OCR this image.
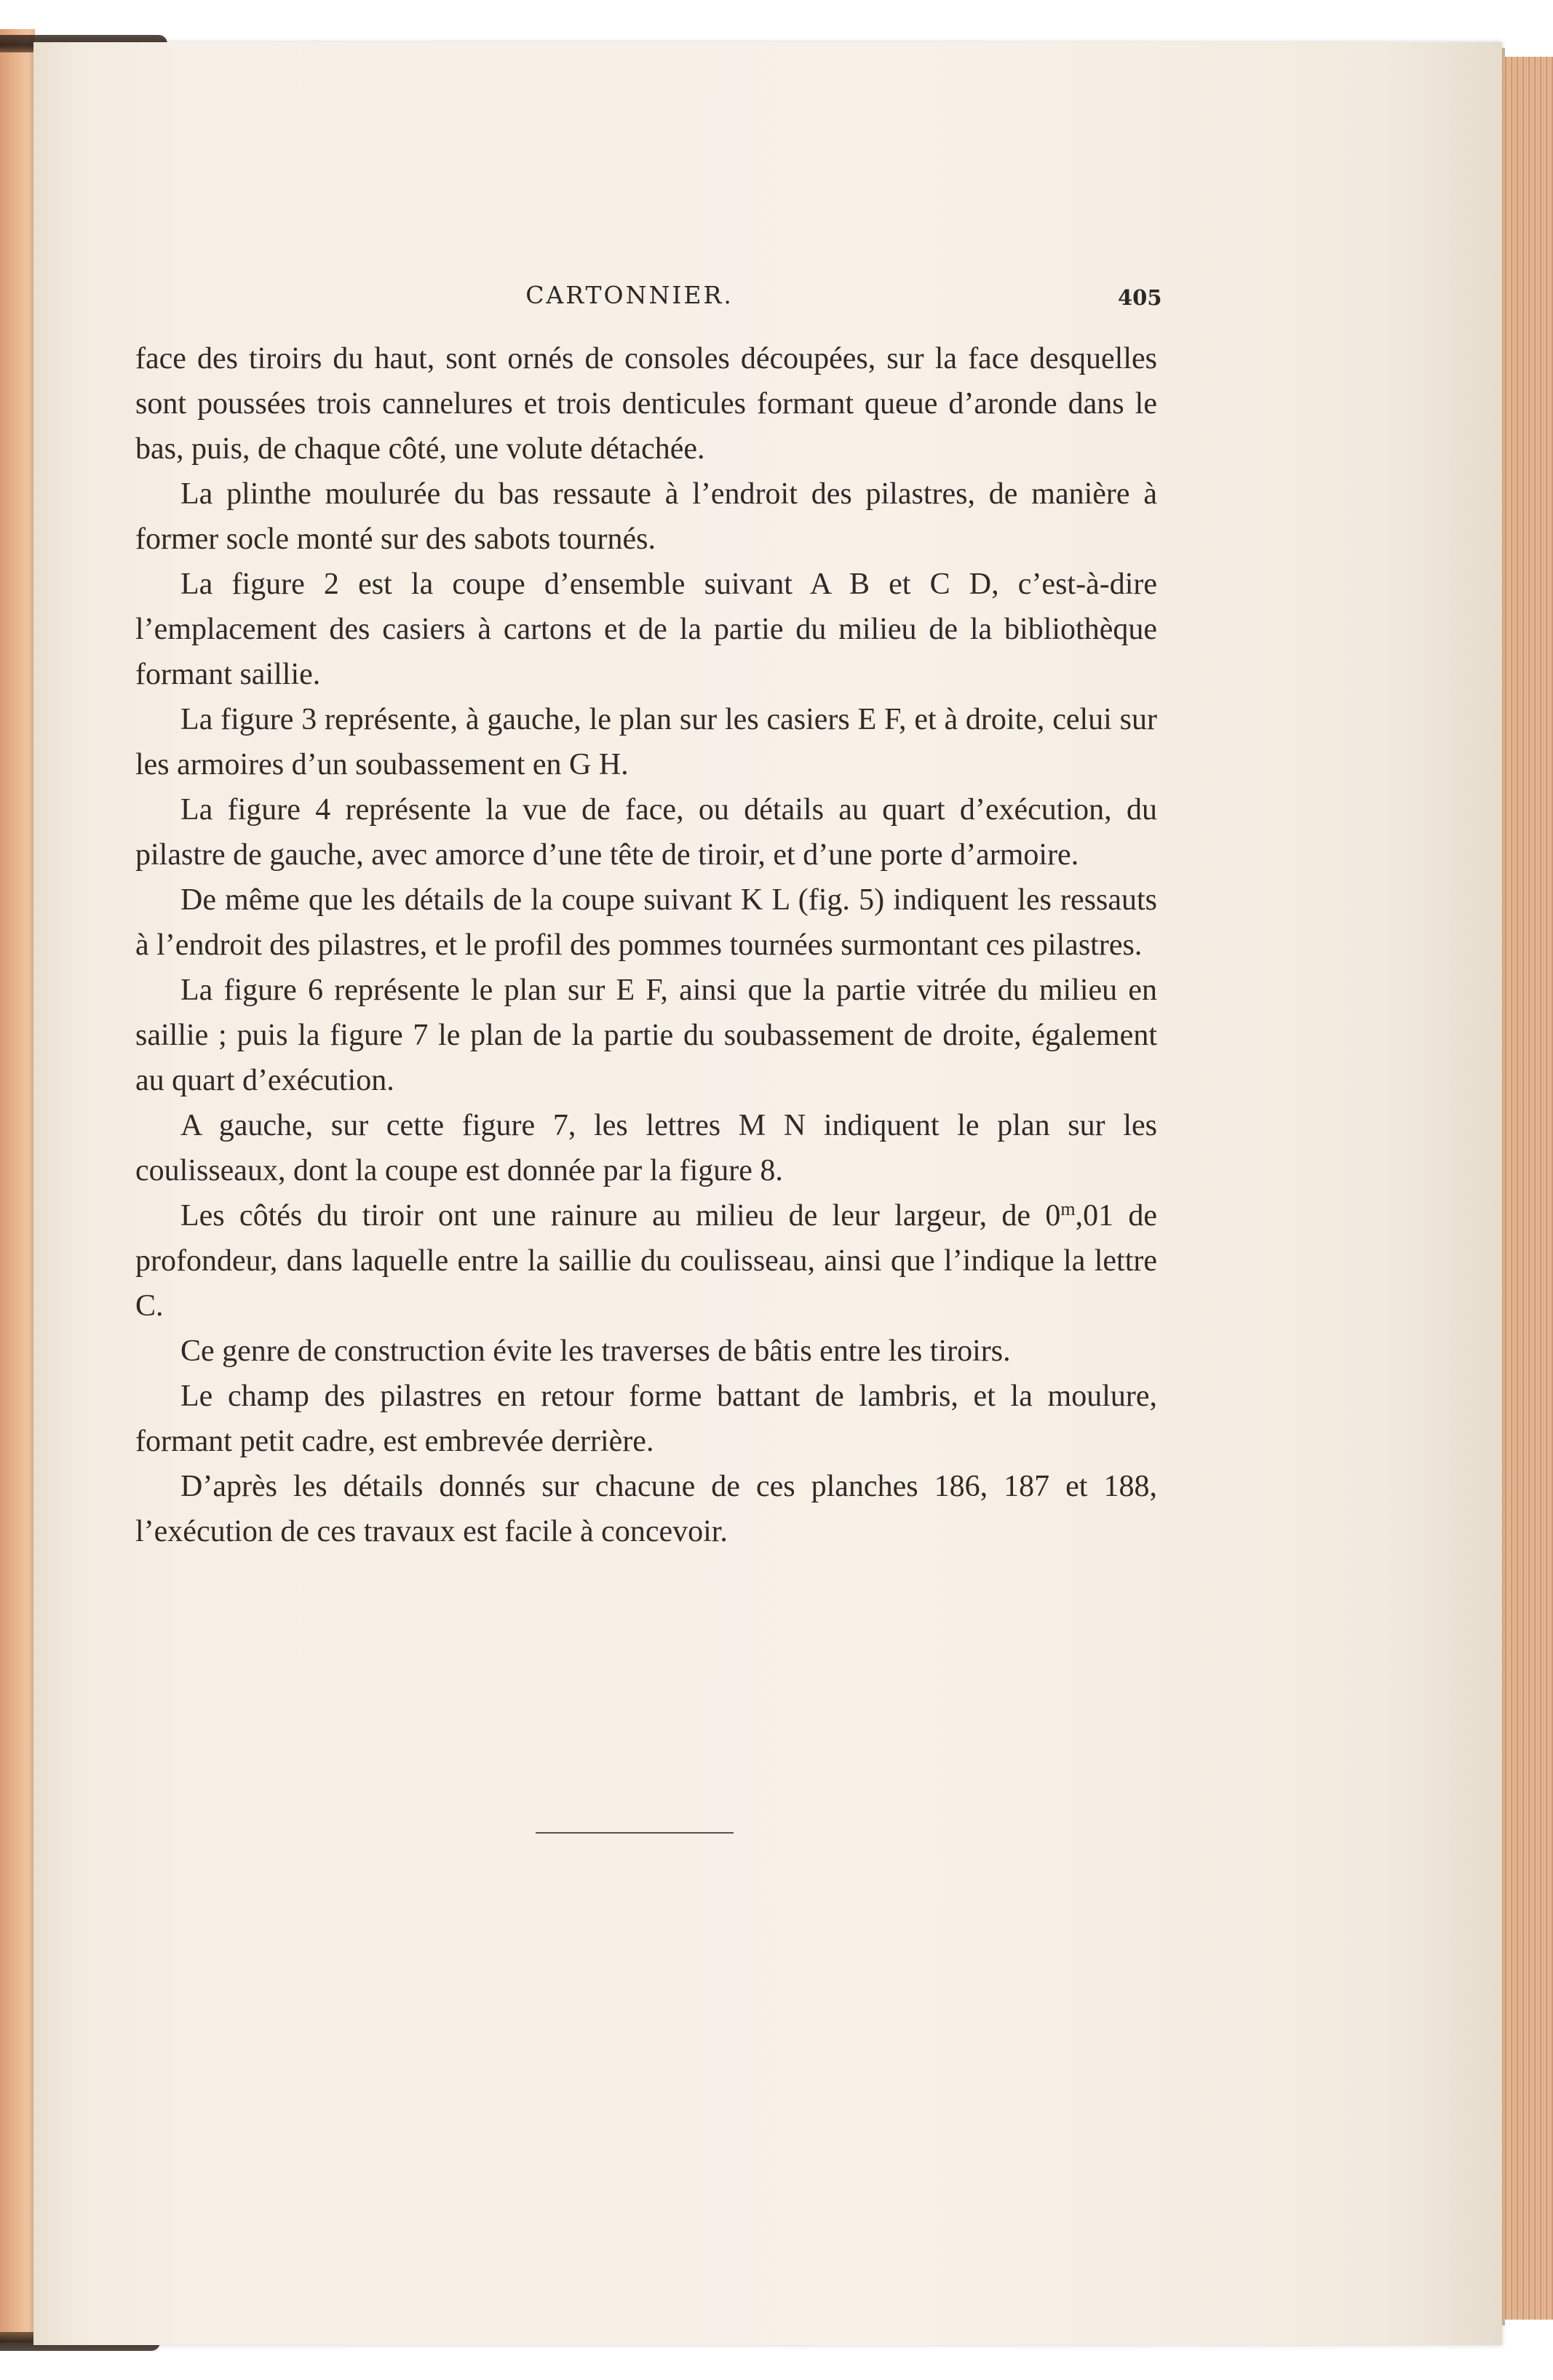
CARTONNIER.	405

face des tiroirs du haut, sont ornés de consoles découpées, sur la face desquelles sont poussées trois cannelures et trois denticules formant queue d’aronde dans le bas, puis, de chaque côté, une volute détachée.

La plinthe moulurée du bas ressaute à l’endroit des pilastres, de manière à former socle monté sur des sabots tournés.

La figure 2 est la coupe d’ensemble suivant A B et C D, c’est-à-dire l’emplacement des casiers à cartons et de la partie du milieu de la bibliothèque formant saillie.

La figure 3 représente, à gauche, le plan sur les casiers E F, et à droite, celui sur les armoires d’un soubassement en G H.

La figure 4 représente la vue de face, ou détails au quart d’exécution, du pilastre de gauche, avec amorce d’une tête de tiroir, et d’une porte d’armoire.

De même que les détails de la coupe suivant K L (fig. 5) indiquent les ressauts à l’endroit des pilastres, et le profil des pommes tournées surmontant ces pilastres.

La figure 6 représente le plan sur E F, ainsi que la partie vitrée du milieu en saillie ; puis la figure 7 le plan de la partie du soubassement de droite, également au quart d’exécution.

A gauche, sur cette figure 7, les lettres M N indiquent le plan sur les coulisseaux, dont la coupe est donnée par la figure 8.

Les côtés du tiroir ont une rainure au milieu de leur largeur, de 0$^m$,01 de profondeur, dans laquelle entre la saillie du coulisseau, ainsi que l’indique la lettre C.

Ce genre de construction évite les traverses de bâtis entre les tiroirs.

Le champ des pilastres en retour forme battant de lambris, et la moulure, formant petit cadre, est embrevée derrière.

D’après les détails donnés sur chacune de ces planches 186, 187 et 188, l’exécution de ces travaux est facile à concevoir.
